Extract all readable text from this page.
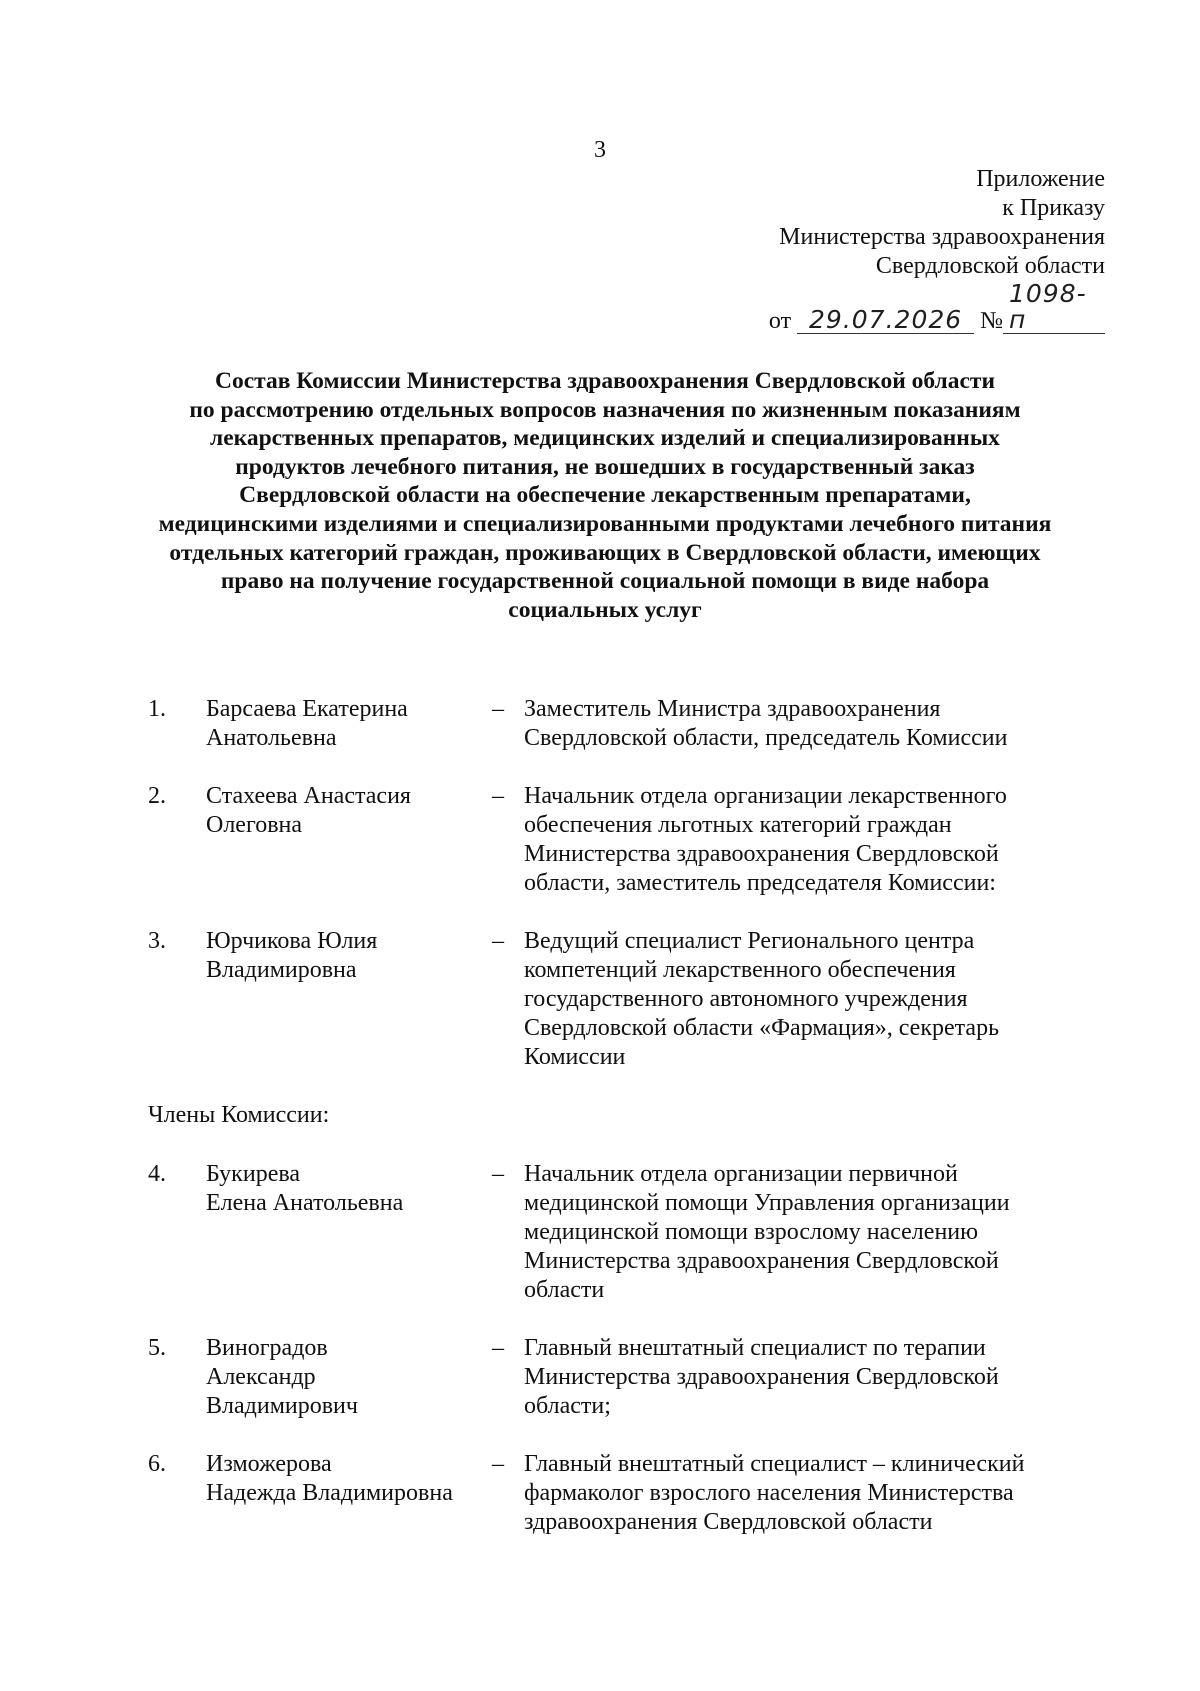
3
Приложение
к Приказу
Министерства здравоохранения
Свердловской области
от 29.07.2026 №1098-п
Состав Комиссии Министерства здравоохранения Свердловской области
по рассмотрению отдельных вопросов назначения по жизненным показаниям
лекарственных препаратов, медицинских изделий и специализированных
продуктов лечебного питания, не вошедших в государственный заказ
Свердловской области на обеспечение лекарственным препаратами,
медицинскими изделиями и специализированными продуктами лечебного питания
отдельных категорий граждан, проживающих в Свердловской области, имеющих
право на получение государственной социальной помощи в виде набора
социальных услуг
1.	Барсаева Екатерина
Анатольевна
– Заместитель Министра здравоохранения
Свердловской области, председатель Комиссии
2.	Стахеева Анастасия
Олеговна
– Начальник отдела организации лекарственного
обеспечения льготных категорий граждан
Министерства здравоохранения Свердловской
области, заместитель председателя Комиссии:
3.	Юрчикова Юлия
Владимировна
– Ведущий специалист Регионального центра
компетенций лекарственного обеспечения
государственного автономного учреждения
Свердловской области «Фармация», секретарь
Комиссии
Члены Комиссии:
4.	Букирева
Елена Анатольевна
– Начальник отдела организации первичной
медицинской помощи Управления организации
медицинской помощи взрослому населению
Министерства здравоохранения Свердловской
области
5.	Виноградов
Александр
Владимирович
– Главный внештатный специалист по терапии
Министерства здравоохранения Свердловской
области;
6.	Изможерова
Надежда Владимировна
– Главный внештатный специалист – клинический
фармаколог взрослого населения Министерства
здравоохранения Свердловской области
